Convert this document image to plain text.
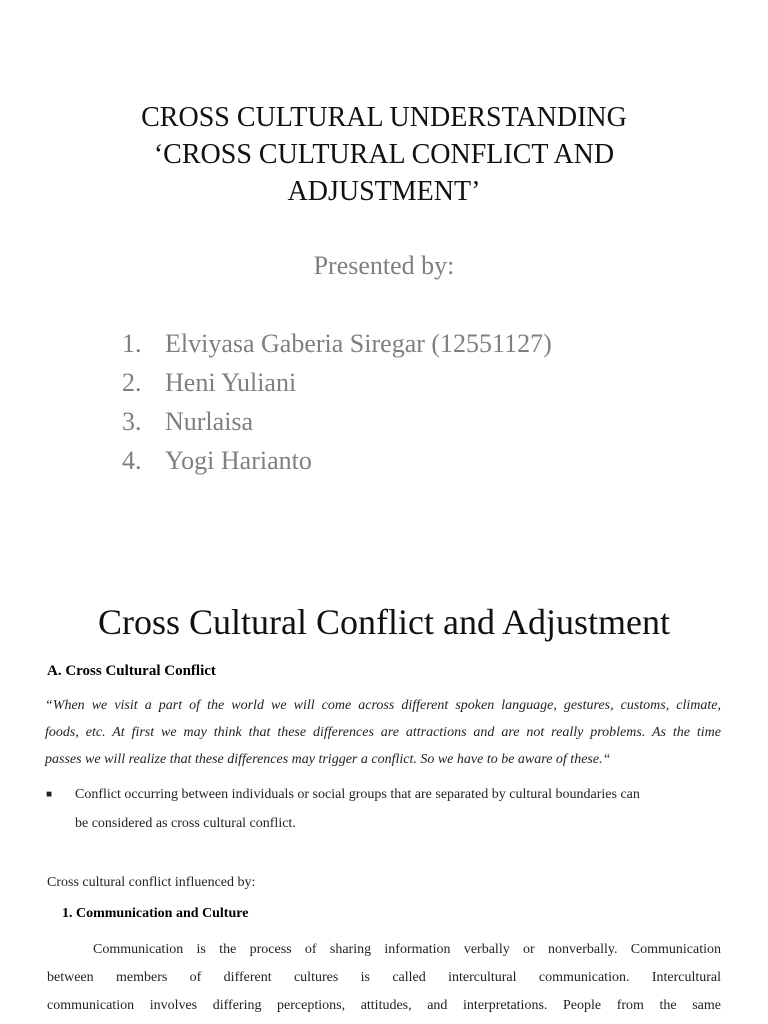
CROSS CULTURAL UNDERSTANDING
‘CROSS CULTURAL CONFLICT AND
ADJUSTMENT’
Presented by:
1. Elviyasa Gaberia Siregar (12551127)
2. Heni Yuliani
3. Nurlaisa
4. Yogi Harianto
Cross Cultural Conflict and Adjustment
A. Cross Cultural Conflict
“When we visit a part of the world we will come across different spoken language, gestures, customs, climate,
foods, etc. At first we may think that these differences are attractions and are not really problems. As the time
passes we will realize that these differences may trigger a conflict. So we have to be aware of these.“
■ Conflict occurring between individuals or social groups that are separated by cultural boundaries can
be considered as cross cultural conflict.
Cross cultural conflict influenced by:
1. Communication and Culture
Communication is the process of sharing information verbally or nonverbally. Communication
between members of different cultures is called intercultural communication. Intercultural
communication involves differing perceptions, attitudes, and interpretations. People from the same
